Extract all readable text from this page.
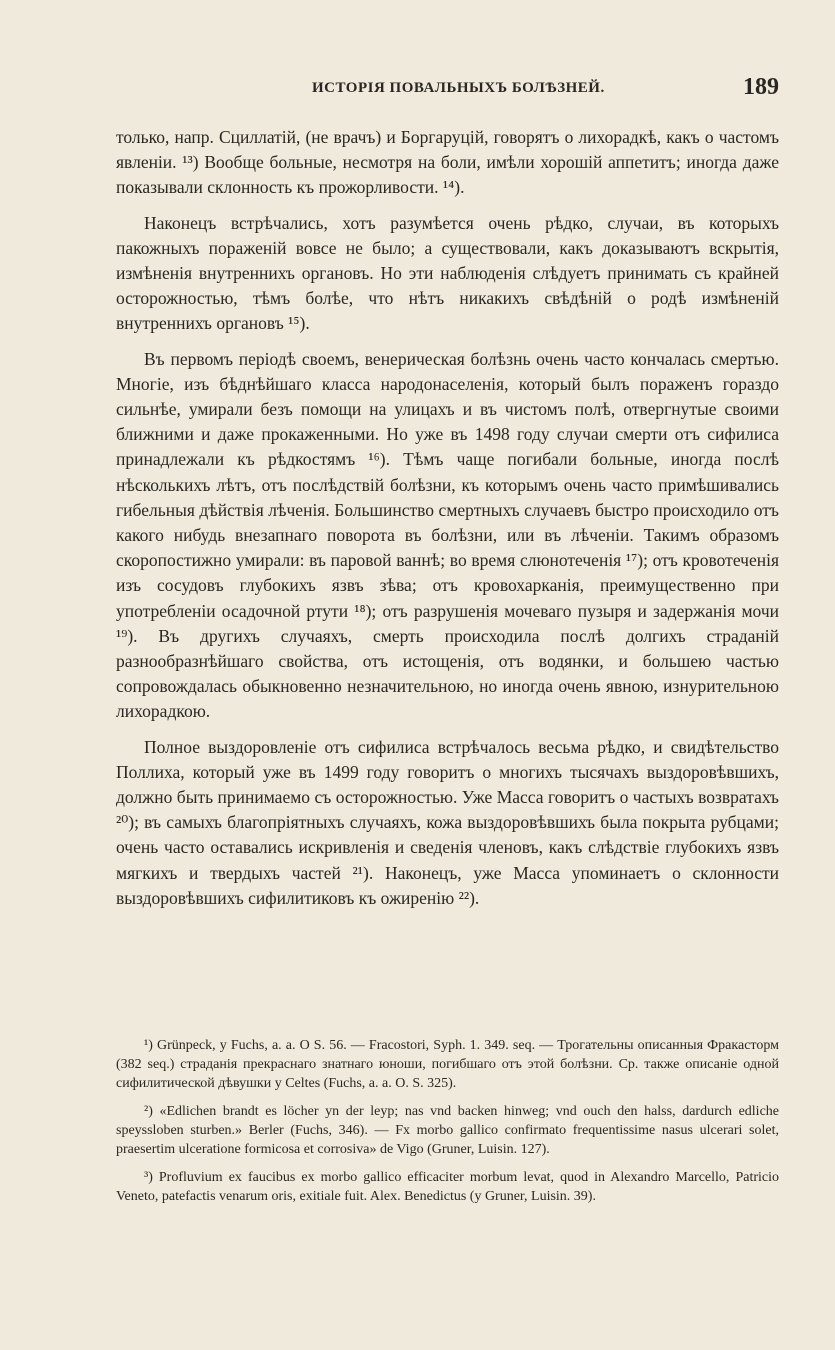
ИСТОРІЯ ПОВАЛЬНЫХЪ БОЛѢЗНЕЙ.	189

только, напр. Сциллатій, (не врачъ) и Боргаруцій, говорятъ о лихорадкѣ, какъ о частомъ явленіи. ¹³) Вообще больные, несмотря на боли, имѣли хорошій аппетитъ; иногда даже показывали склонность къ прожорливости. ¹⁴).

Наконецъ встрѣчались, хотъ разумѣется очень рѣдко, случаи, въ которыхъ пакожныхъ пораженій вовсе не было; а существовали, какъ доказываютъ вскрытія, измѣненія внутреннихъ органовъ. Но эти наблюденія слѣдуетъ принимать съ крайней осторожностью, тѣмъ болѣе, что нѣтъ никакихъ свѣдѣній о родѣ измѣненій внутреннихъ органовъ ¹⁵).

Въ первомъ періодѣ своемъ, венерическая болѣзнь очень часто кончалась смертью. Многіе, изъ бѣднѣйшаго класса народонаселенія, который былъ пораженъ гораздо сильнѣе, умирали безъ помощи на улицахъ и въ чистомъ полѣ, отвергнутые своими ближними и даже прокаженными. Но уже въ 1498 году случаи смерти отъ сифилиса принадлежали къ рѣдкостямъ ¹⁶). Тѣмъ чаще погибали больные, иногда послѣ нѣсколькихъ лѣтъ, отъ послѣдствій болѣзни, къ которымъ очень часто примѣшивались гибельныя дѣйствія лѣченія. Большинство смертныхъ случаевъ быстро происходило отъ какого нибудь внезапнаго поворота въ болѣзни, или въ лѣченіи. Такимъ образомъ скоропостижно умирали: въ паровой ваннѣ; во время слюнотеченія ¹⁷); отъ кровотеченія изъ сосудовъ глубокихъ язвъ зѣва; отъ кровохарканія, преимущественно при употребленіи осадочной ртути ¹⁸); отъ разрушенія мочеваго пузыря и задержанія мочи ¹⁹). Въ другихъ случаяхъ, смерть происходила послѣ долгихъ страданій разнообразнѣйшаго свойства, отъ истощенія, отъ водянки, и большею частью сопровождалась обыкновенно незначительною, но иногда очень явною, изнурительною лихорадкою.

Полное выздоровленіе отъ сифилиса встрѣчалось весьма рѣдко, и свидѣтельство Поллиха, который уже въ 1499 году говоритъ о многихъ тысячахъ выздоровѣвшихъ, должно быть принимаемо съ осторожностью. Уже Масса говоритъ о частыхъ возвратахъ ²⁰); въ самыхъ благопріятныхъ случаяхъ, кожа выздоровѣвшихъ была покрыта рубцами; очень часто оставались искривленія и сведенія членовъ, какъ слѣдствіе глубокихъ язвъ мягкихъ и твердыхъ частей ²¹). Наконецъ, уже Масса упоминаетъ о склонности выздоровѣвшихъ сифилитиковъ къ ожиренію ²²).

¹) Grünpeck, у Fuchs, a. a. O S. 56. — Fracostori, Syph. 1. 349. seq. — Трогательны описанныя Фракасторм (382 seq.) страданія прекраснаго знатнаго юноши, погибшаго отъ этой болѣзни. Ср. также описаніе одной сифилитической дѣвушки у Celtes (Fuchs, a. a. O. S. 325).

²) «Edlichen brandt es löcher yn der leyp; nas vnd backen hinweg; vnd ouch den halss, dardurch edliche speyssloben sturben.» Berler (Fuchs, 346). — Fx morbo gallico confirmato frequentissime nasus ulcerari solet, praesertim ulceratione formicosa et corrosiva» de Vigo (Gruner, Luisin. 127).

³) Profluvium ex faucibus ex morbo gallico efficaciter morbum levat, quod in Alexandro Marcello, Patricio Veneto, patefactis venarum oris, exitiale fuit. Alex. Benedictus (у Gruner, Luisin. 39).
